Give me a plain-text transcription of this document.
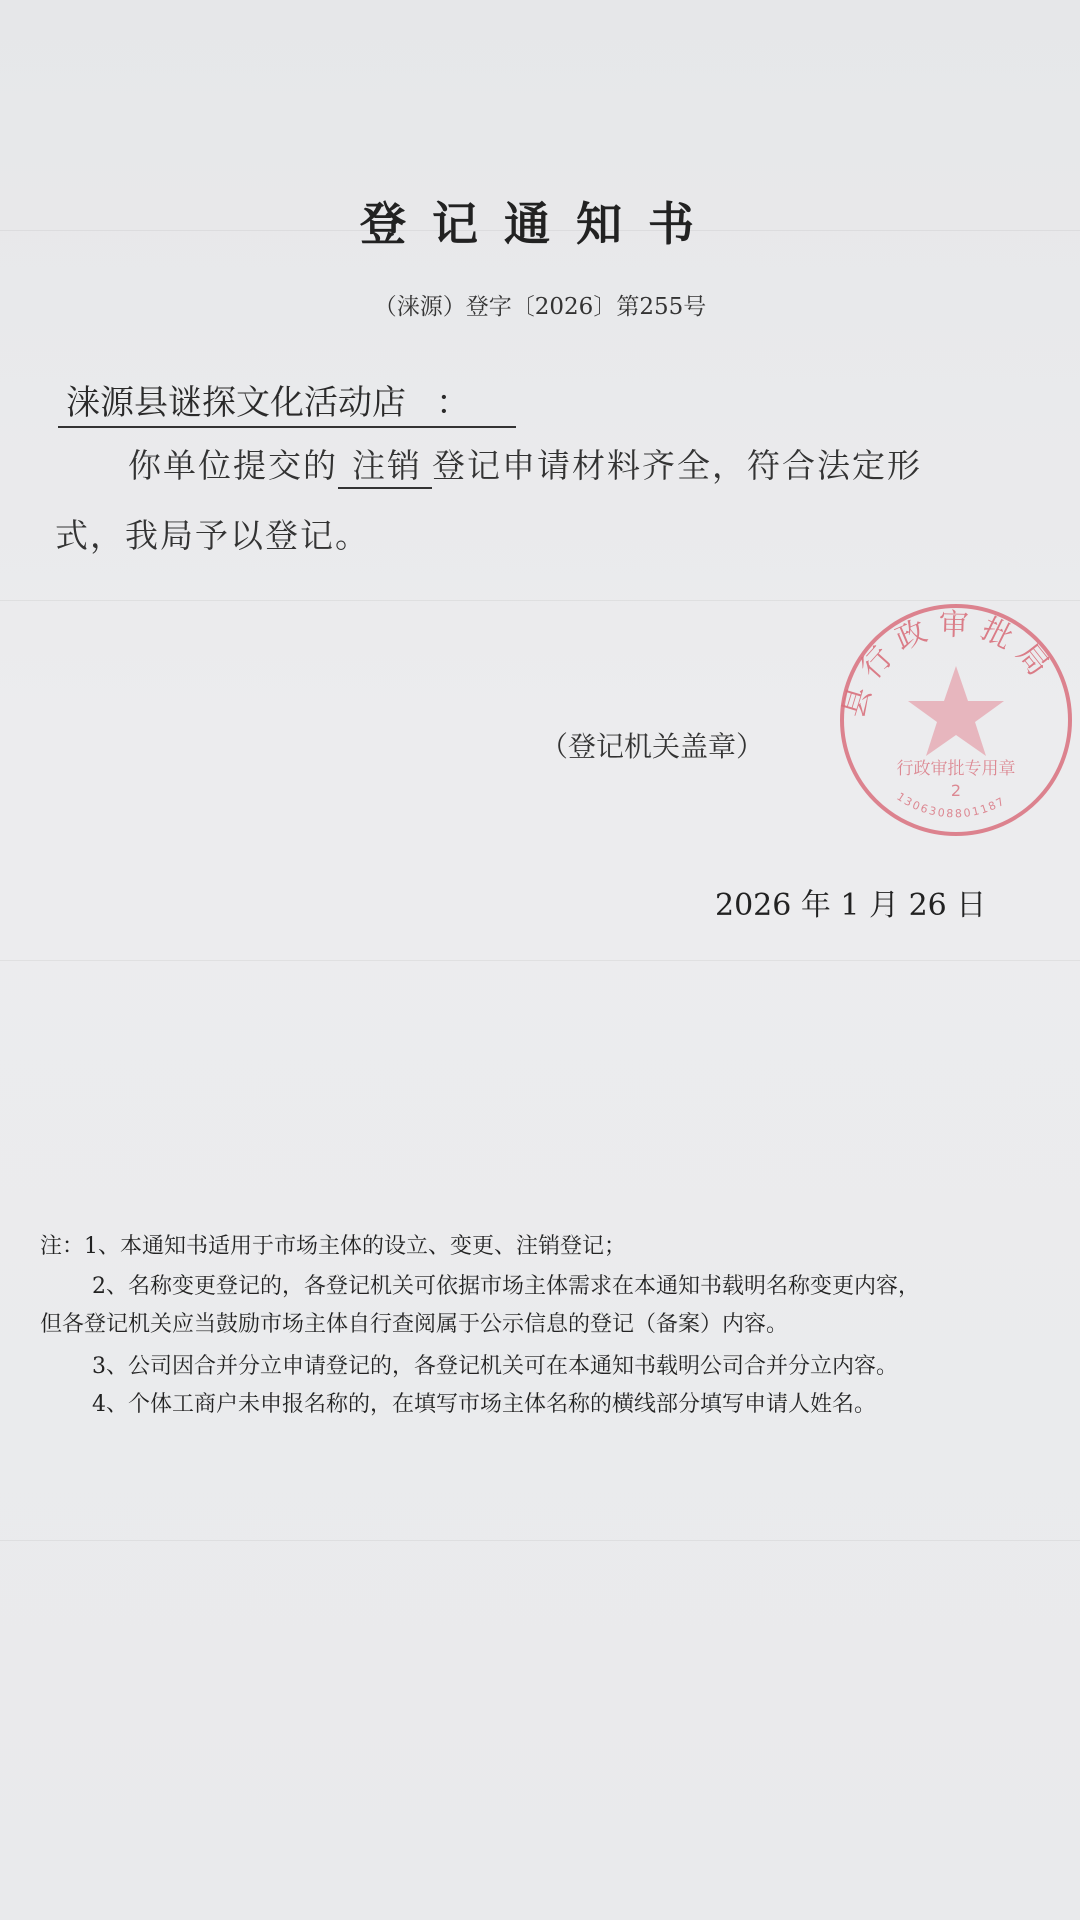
登记通知书
（涞源）登字〔2026〕第255号
涞源县谜探文化活动店 ：
你单位提交的 注销 登记申请材料齐全，符合法定形
式，我局予以登记。
（登记机关盖章）
县行政审批局
行政审批专用章
2
1306308801187
2026 年 1 月 26 日
注：1、本通知书适用于市场主体的设立、变更、注销登记；
2、名称变更登记的，各登记机关可依据市场主体需求在本通知书载明名称变更内容，
但各登记机关应当鼓励市场主体自行查阅属于公示信息的登记（备案）内容。
3、公司因合并分立申请登记的，各登记机关可在本通知书载明公司合并分立内容。
4、个体工商户未申报名称的，在填写市场主体名称的横线部分填写申请人姓名。
